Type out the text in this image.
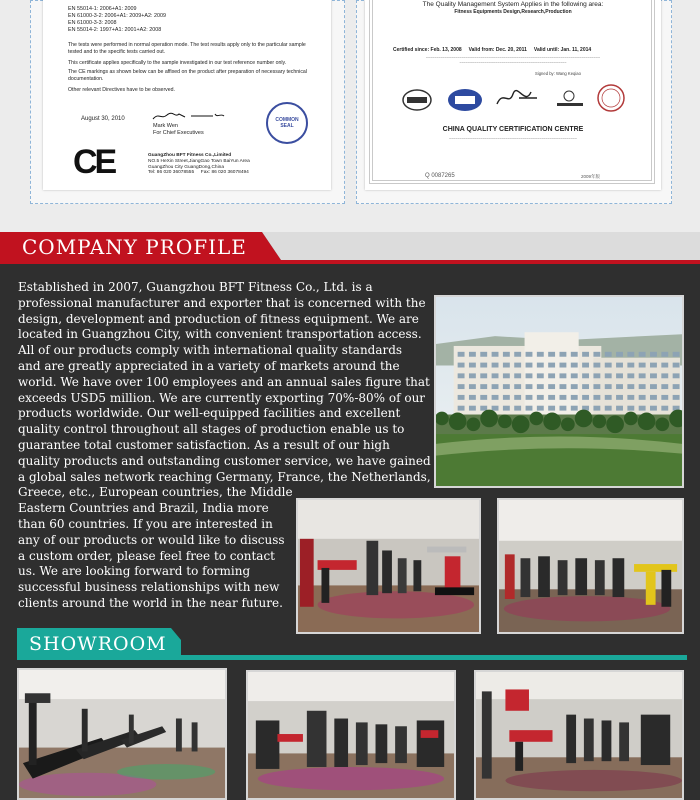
EN 55014-1: 2006+A1: 2009
EN 61000-3-2: 2006+A1: 2009+A2: 2009
EN 61000-3-3: 2008
EN 55014-2: 1997+A1: 2001+A2: 2008
The tests were performed in normal operation mode. The test results apply only to the particular sample tested and to the specific tests carried out.
This certificate applies specifically to the sample investigated in our test reference number only.
The CE markings as shown below can be affixed on the product after preparation of necessary technical documentation.
Other relevant Directives have to be observed.
August 30, 2010
Mark Wen
For Chief Executives
COMMON SEAL
CE	GuangZhou BFT Fitness Co.,Limited
NO.5 HeXin Street,JiangGao Town BaiYun Area
GuangZhou City GuangDong,China
Tel: 86 020 36078555     Fax: 86 020 36078494
The Quality Management System Applies in the following area:
Fitness Equipments Design,Research,Production
Certified since: Feb. 13, 2008 Valid from: Dec. 20, 2011 Valid until: Jan. 11, 2014
~~~~~~~~~~~~~~~~~~~~~~~~~~~~~~~~~~~~~~~~~~~~~~~~~~~~~~~~~~~~~~~~~~~~~~~~~~~~~~~~~~~
~~~~~~~~~~~~~~~~~~~~~~~~~~~~~~~~~~~~~~~~~~~~~~~~~~~
Signed by: Wang Keqiao
CHINA QUALITY CERTIFICATION CENTRE
~~~~~~~~~~~~~~~~~~~~~~~~~~~~~~~~~~~~~~~~~~~~~~~~~~~~~~~~~~~~~
Q 0087265	2009年版
COMPANY PROFILE
Established in 2007, Guangzhou BFT Fitness Co., Ltd. is a
professional manufacturer and exporter that is concerned with the
design, development and production of fitness equipment. We are
located in Guangzhou City, with convenient transportation access.
All of our products comply with international quality standards
and are greatly appreciated in a variety of markets around the
world. We have over 100 employees and an annual sales figure that
exceeds USD5 million. We are currently exporting 70%-80% of our
products worldwide. Our well-equipped facilities and excellent
quality control throughout all stages of production enable us to
guarantee total customer satisfaction. As a result of our high
quality products and outstanding customer service, we have gained
a global sales network reaching Germany, France, the Netherlands,
Greece, etc., European countries, the Middle
Eastern Countries and Brazil, India more
than 60 countries. If you are interested in
any of our products or would like to discuss
a custom order, please feel free to contact
us. We are looking forward to forming
successful business relationships with new
clients around the world in the near future.
SHOWROOM
